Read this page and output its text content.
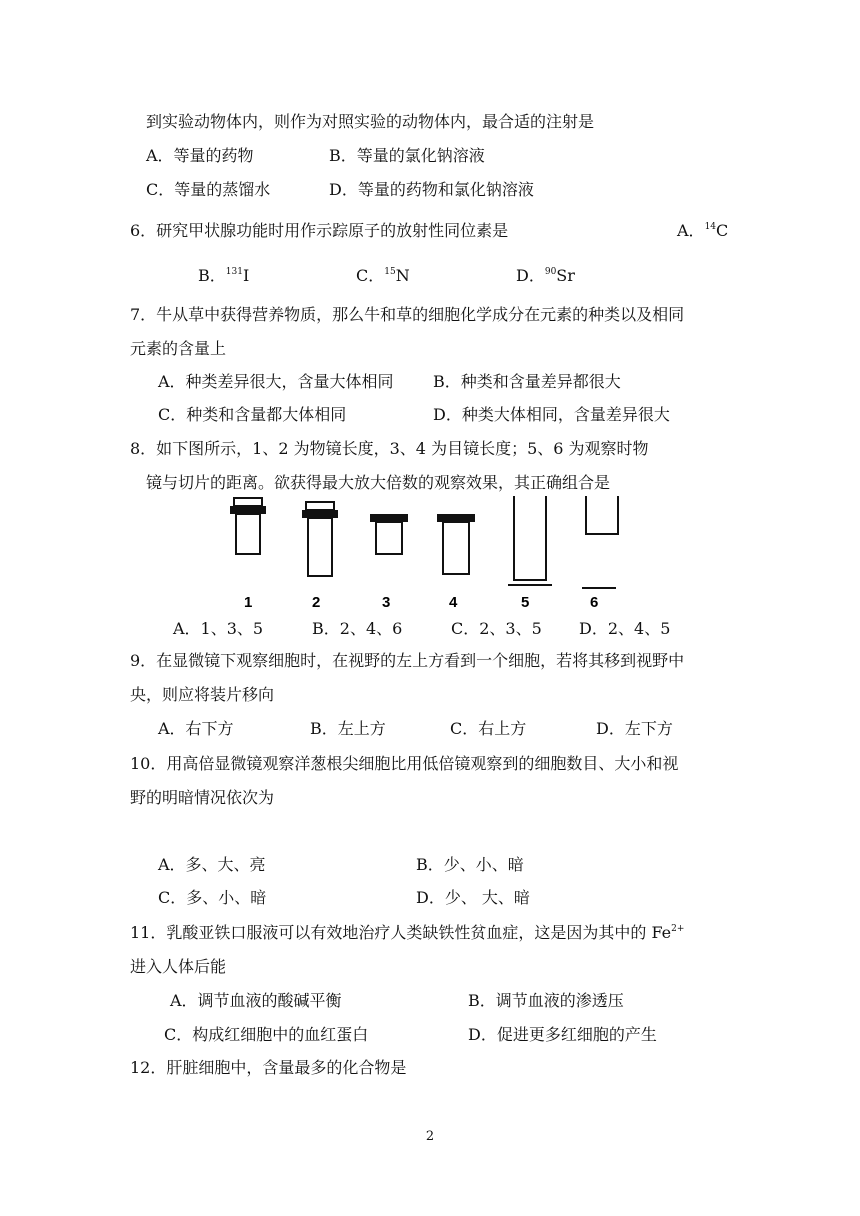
到实验动物体内，则作为对照实验的动物体内，最合适的注射是
A．等量的药物	B．等量的氯化钠溶液
C．等量的蒸馏水	D．等量的药物和氯化钠溶液
6．研究甲状腺功能时用作示踪原子的放射性同位素是	A．$^{14}$C
B．$^{131}$I	C．$^{15}$N	D．$^{90}$Sr
7．牛从草中获得营养物质，那么牛和草的细胞化学成分在元素的种类以及相同
元素的含量上
A．种类差异很大，含量大体相同 B．种类和含量差异都很大
C．种类和含量都大体相同	D．种类大体相同，含量差异很大
8．如下图所示，1、2 为物镜长度，3、4 为目镜长度；5、6 为观察时物
镜与切片的距离。欲获得最大放大倍数的观察效果，其正确组合是
1	2	3	4	5	6
A．1、3、5	B．2、4、6	C．2、3、5 D．2、4、5
9．在显微镜下观察细胞时，在视野的左上方看到一个细胞，若将其移到视野中
央，则应将装片移向
A．右下方	B．左上方	C．右上方	D．左下方
10．用高倍显微镜观察洋葱根尖细胞比用低倍镜观察到的细胞数目、大小和视
野的明暗情况依次为
A．多、大、亮	B．少、小、暗
C．多、小、暗	D．少、 大、暗
11．乳酸亚铁口服液可以有效地治疗人类缺铁性贫血症，这是因为其中的 $Fe^{2+}$
进入人体后能
A．调节血液的酸碱平衡	B．调节血液的渗透压
C．构成红细胞中的血红蛋白	D．促进更多红细胞的产生
12．肝脏细胞中，含量最多的化合物是
2
